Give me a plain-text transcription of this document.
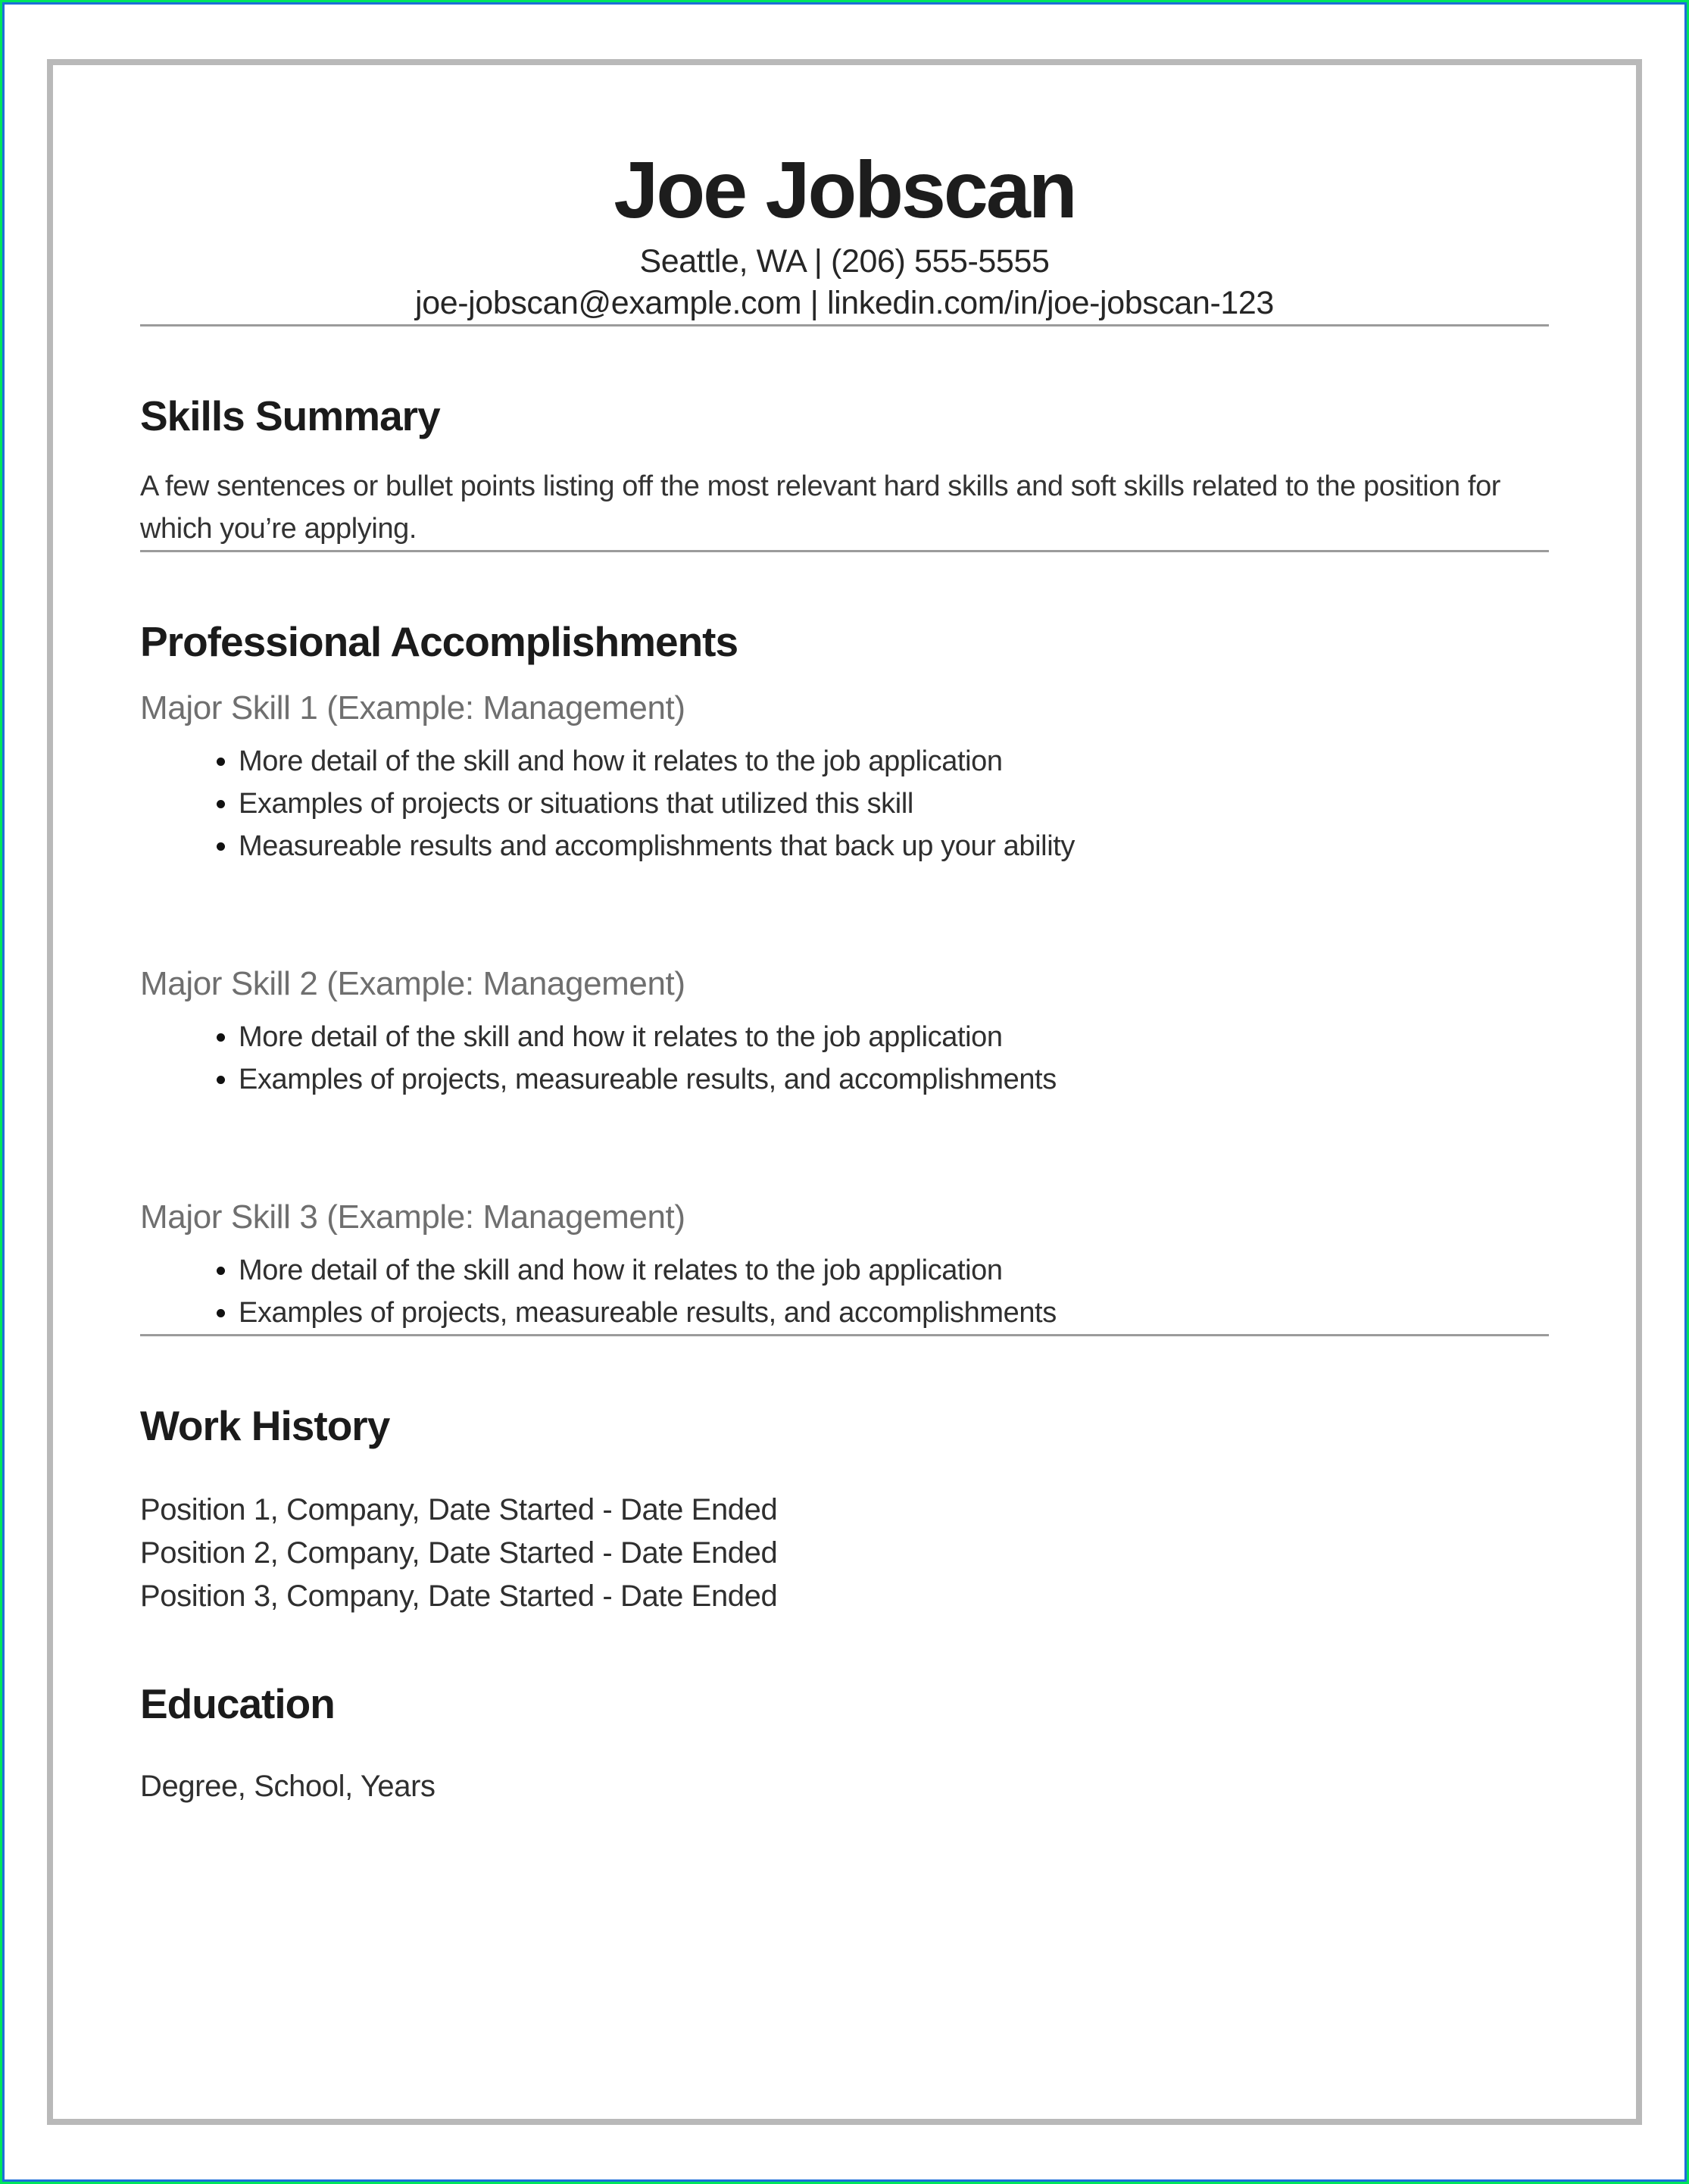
Joe Jobscan
Seattle, WA | (206) 555-5555
joe-jobscan@example.com | linkedin.com/in/joe-jobscan-123
Skills Summary

A few sentences or bullet points listing off the most relevant hard skills and soft skills related to the position for which you’re applying.

Professional Accomplishments
Major Skill 1 (Example: Management)
• More detail of the skill and how it relates to the job application
• Examples of projects or situations that utilized this skill
• Measureable results and accomplishments that back up your ability
Major Skill 2 (Example: Management)
• More detail of the skill and how it relates to the job application
• Examples of projects, measureable results, and accomplishments
Major Skill 3 (Example: Management)
• More detail of the skill and how it relates to the job application
• Examples of projects, measureable results, and accomplishments
Work History
Position 1, Company, Date Started - Date Ended
Position 2, Company, Date Started - Date Ended
Position 3, Company, Date Started - Date Ended
Education
Degree, School, Years
